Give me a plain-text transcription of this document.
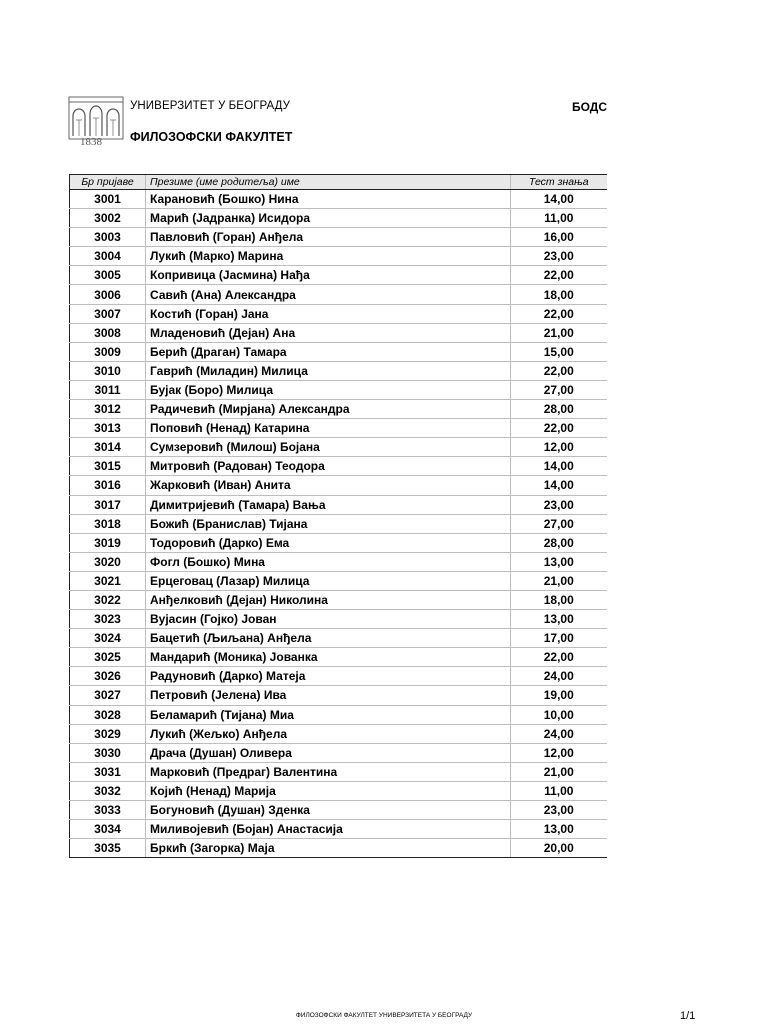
1838
УНИВЕРЗИТЕТ У БЕОГРАДУ
ФИЛОЗОФСКИ ФАКУЛТЕТ
БОДС
Бр пријаве	Презиме (име родитеља) име	Тест знања
3001	Карановић (Бошко) Нина	14,00
3002	Марић (Јадранка) Исидора	11,00
3003	Павловић (Горан) Анђела	16,00
3004	Лукић (Марко) Марина	23,00
3005	Копривица (Јасмина) Нађа	22,00
3006	Савић (Ана) Александра	18,00
3007	Костић (Горан) Јана	22,00
3008	Младеновић (Дејан) Ана	21,00
3009	Берић (Драган) Тамара	15,00
3010	Гаврић (Миладин) Милица	22,00
3011	Бујак (Боро) Милица	27,00
3012	Радичевић (Мирјана) Александра	28,00
3013	Поповић (Ненад) Катарина	22,00
3014	Сумзеровић (Милош) Бојана	12,00
3015	Митровић (Радован) Теодора	14,00
3016	Жарковић (Иван) Анита	14,00
3017	Димитријевић (Тамара) Вања	23,00
3018	Божић (Бранислав) Тијана	27,00
3019	Тодоровић (Дарко) Ема	28,00
3020	Фогл (Бошко) Мина	13,00
3021	Ерцеговац (Лазар) Милица	21,00
3022	Анђелковић (Дејан) Николина	18,00
3023	Вујасин (Гојко) Јован	13,00
3024	Бацетић (Љиљана) Анђела	17,00
3025	Мандарић (Моника) Јованка	22,00
3026	Радуновић (Дарко) Матеја	24,00
3027	Петровић (Јелена) Ива	19,00
3028	Беламарић (Тијана) Миа	10,00
3029	Лукић (Жељко) Анђела	24,00
3030	Драча (Душан) Оливера	12,00
3031	Марковић (Предраг) Валентина	21,00
3032	Којић (Ненад) Марија	11,00
3033	Богуновић (Душан) Зденка	23,00
3034	Миливојевић (Бојан) Анастасија	13,00
3035	Бркић (Загорка) Маја	20,00
ФИЛОЗОФСКИ ФАКУЛТЕТ УНИВЕРЗИТЕТА У БЕОГРАДУ	1/1
